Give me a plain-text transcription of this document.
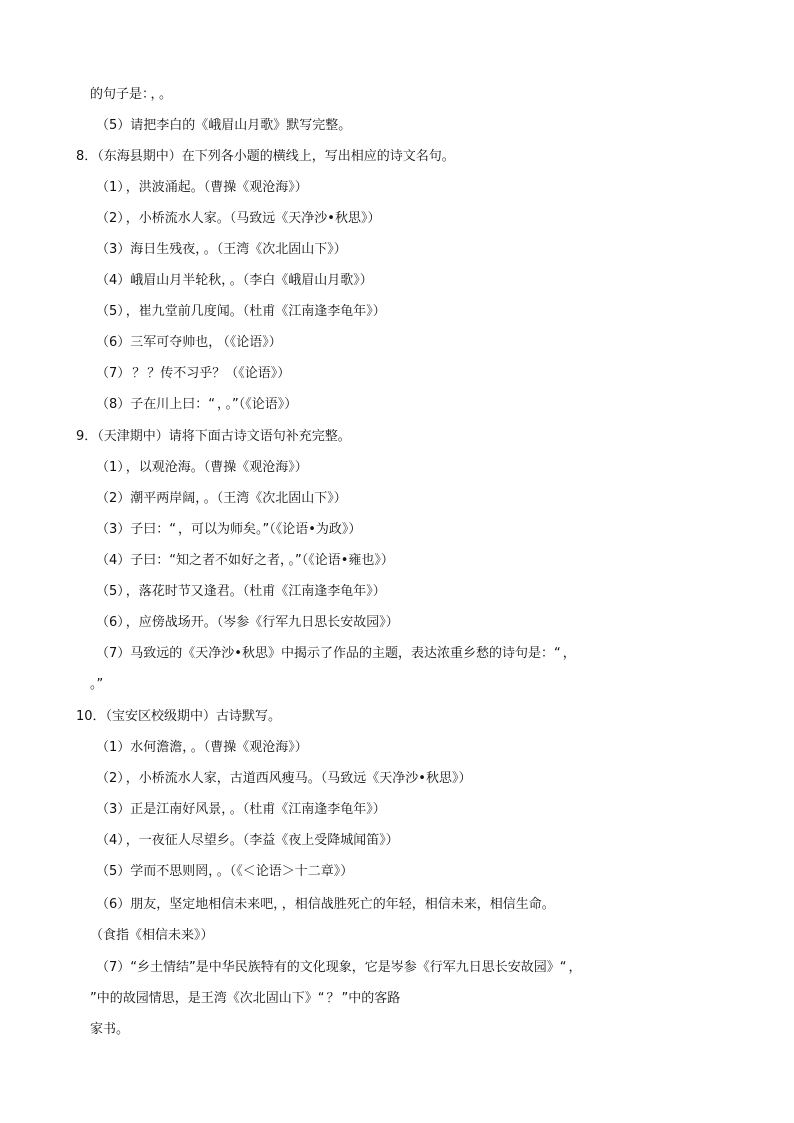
的句子是： ， 。
（5）请把李白的《峨眉山月歌》默写完整。
8．（东海县期中）在下列各小题的横线上，写出相应的诗文名句。
（1） ，洪波涌起。（曹操《观沧海》）
（2） ，小桥流水人家。（马致远《天净沙•秋思》）
（3）海日生残夜， 。（王湾《次北固山下》）
（4）峨眉山月半轮秋， 。（李白《峨眉山月歌》）
（5） ，崔九堂前几度闻。（杜甫《江南逢李龟年》）
（6）三军可夺帅也， （《论语》）
（7） ？ ？传不习乎？（《论语》）
（8）子在川上曰：“ ， 。”（《论语》）
9．（天津期中）请将下面古诗文语句补充完整。
（1） ，以观沧海。（曹操《观沧海》）
（2）潮平两岸阔， 。（王湾《次北固山下》）
（3）子曰：“ ，可以为师矣。”（《论语•为政》）
（4）子曰：“知之者不如好之者， 。”（《论语•雍也》）
（5） ，落花时节又逢君。（杜甫《江南逢李龟年》）
（6） ，应傍战场开。（岑参《行军九日思长安故园》）
（7）马致远的《天净沙•秋思》中揭示了作品的主题，表达浓重乡愁的诗句是：“ ，
。”
10．（宝安区校级期中）古诗默写。
（1）水何澹澹， 。（曹操《观沧海》）
（2） ，小桥流水人家，古道西风瘦马。（马致远《天净沙•秋思》）
（3）正是江南好风景， 。（杜甫《江南逢李龟年》）
（4） ，一夜征人尽望乡。（李益《夜上受降城闻笛》）
（5）学而不思则罔， 。（《＜论语＞十二章》）
（6）朋友，坚定地相信未来吧， ，相信战胜死亡的年轻，相信未来，相信生命。
（食指《相信未来》）
（7）“乡土情结”是中华民族特有的文化现象，它是岑参《行军九日思长安故园》“ ，
”中的故园情思，是王湾《次北固山下》“ ？ ”中的客路
家书。
